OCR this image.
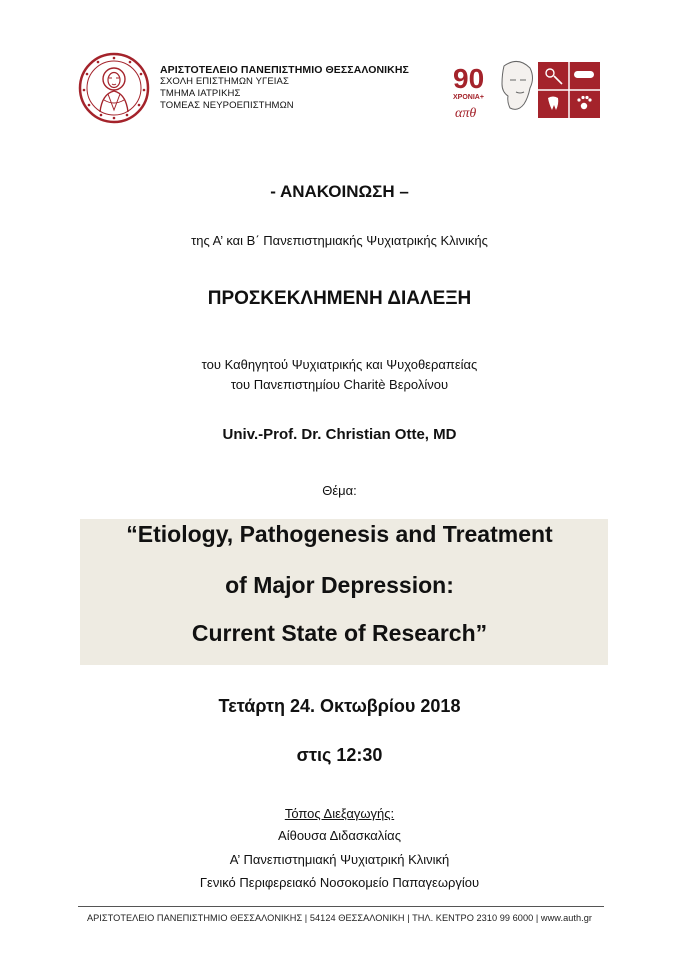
ΑΡΙΣΤΟΤΕΛΕΙΟ ΠΑΝΕΠΙΣΤΗΜΙΟ ΘΕΣΣΑΛΟΝΙΚΗΣ
ΣΧΟΛΗ ΕΠΙΣΤΗΜΩΝ ΥΓΕΙΑΣ
ΤΜΗΜΑ ΙΑΤΡΙΚΗΣ
ΤΟΜΕΑΣ ΝΕΥΡΟΕΠΙΣΤΗΜΩΝ
90
ΧΡΟΝΙΑ+
απθ
- ΑΝΑΚΟΙΝΩΣΗ –
της Α’ και Β΄ Πανεπιστημιακής Ψυχιατρικής Κλινικής
ΠΡΟΣΚΕΚΛΗΜΕΝΗ ΔΙΑΛΕΞΗ
του Καθηγητού Ψυχιατρικής και Ψυχοθεραπείας
του Πανεπιστημίου Charitè Βερολίνου
Univ.-Prof. Dr. Christian Otte, MD
Θέμα:
“Etiology, Pathogenesis and Treatment
of Major Depression:
Current State of Research”
Τετάρτη 24. Οκτωβρίου 2018
στις 12:30
Τόπος Διεξαγωγής:
Αίθουσα Διδασκαλίας
Α’ Πανεπιστημιακή Ψυχιατρική Κλινική
Γενικό Περιφερειακό Νοσοκομείο Παπαγεωργίου
ΑΡΙΣΤΟΤΕΛΕΙΟ ΠΑΝΕΠΙΣΤΗΜΙΟ ΘΕΣΣΑΛΟΝΙΚΗΣ | 54124 ΘΕΣΣΑΛΟΝΙΚΗ | ΤΗΛ. ΚΕΝΤΡΟ 2310 99 6000 | www.auth.gr
